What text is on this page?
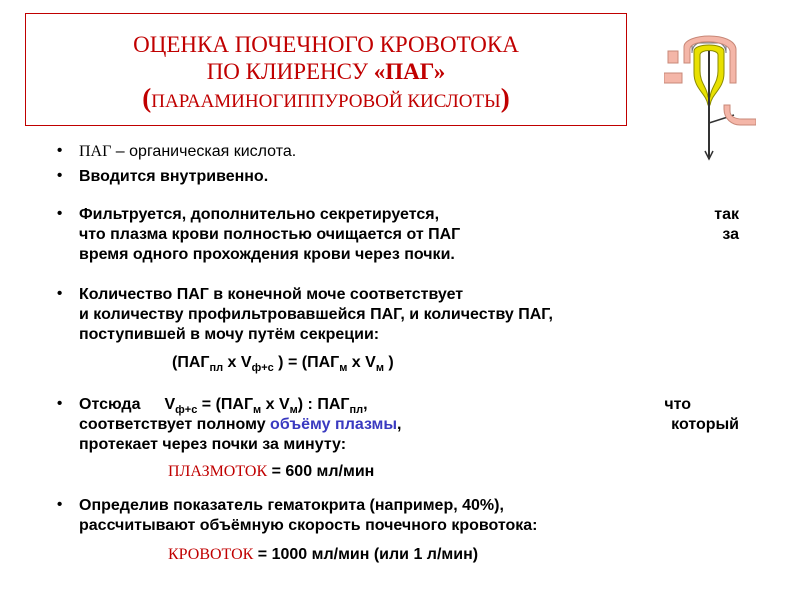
ОЦЕНКА ПОЧЕЧНОГО КРОВОТОКА
ПО КЛИРЕНСУ «ПАГ»
(ПАРААМИНОГИППУРОВОЙ КИСЛОТЫ)
• ПАГ – органическая кислота.
• Вводится внутривенно.
• Фильтруется, дополнительно секретируется,	так
что плазма крови полностью очищается от ПАГ	за
время одного прохождения крови через почки.
• Количество ПАГ в конечной моче соответствует
и количеству профильтровавшейся ПАГ, и количеству ПАГ,
поступившей в мочу путём секреции:
($ПАГ_{пл}$ x $V_{ф+с}$ ) = ($ПАГ_м$ x $V_м$ )
• Отсюда $V_{ф+с} = (ПАГ_м$ x $V_м$) : $ПАГ_{пл}$,	что
соответствует полному объёму плазмы,	который
протекает через почки за минуту:
ПЛАЗМОТОК = 600 мл/мин
• Определив показатель гематокрита (например, 40%),
рассчитывают объёмную скорость почечного кровотока:
КРОВОТОК = 1000 мл/мин (или 1 л/мин)
